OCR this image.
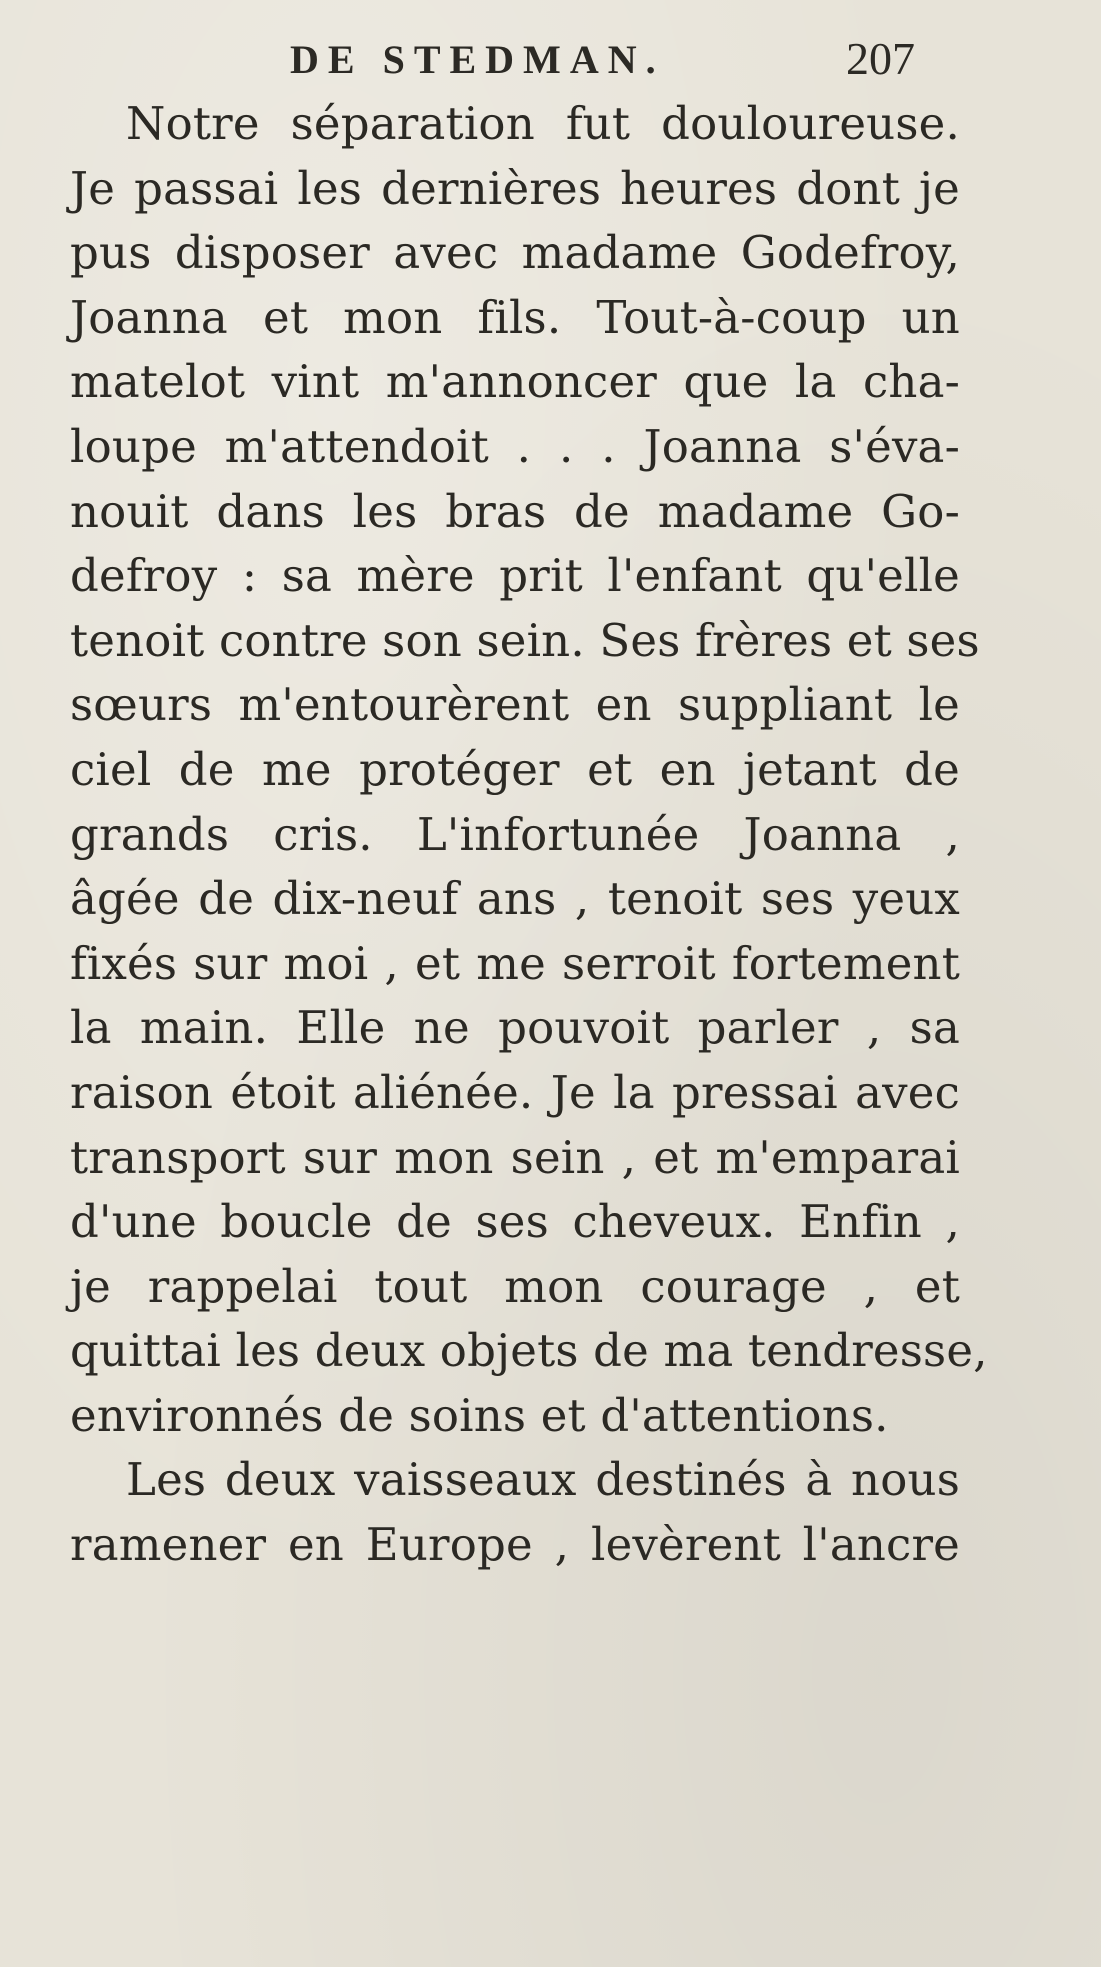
DE STEDMAN.	207
Notre séparation fut douloureuse.
Je passai les dernières heures dont je
pus disposer avec madame Godefroy,
Joanna et mon fils. Tout-à-coup un
matelot vint m'annoncer que la cha-
loupe m'attendoit . . . Joanna s'éva-
nouit dans les bras de madame Go-
defroy : sa mère prit l'enfant qu'elle
tenoit contre son sein. Ses frères et ses
sœurs m'entourèrent en suppliant le
ciel de me protéger et en jetant de
grands cris. L'infortunée Joanna ,
âgée de dix-neuf ans , tenoit ses yeux
fixés sur moi , et me serroit fortement
la main. Elle ne pouvoit parler , sa
raison étoit aliénée. Je la pressai avec
transport sur mon sein , et m'emparai
d'une boucle de ses cheveux. Enfin ,
je rappelai tout mon courage , et
quittai les deux objets de ma tendresse,
environnés de soins et d'attentions.
Les deux vaisseaux destinés à nous
ramener en Europe , levèrent l'ancre
